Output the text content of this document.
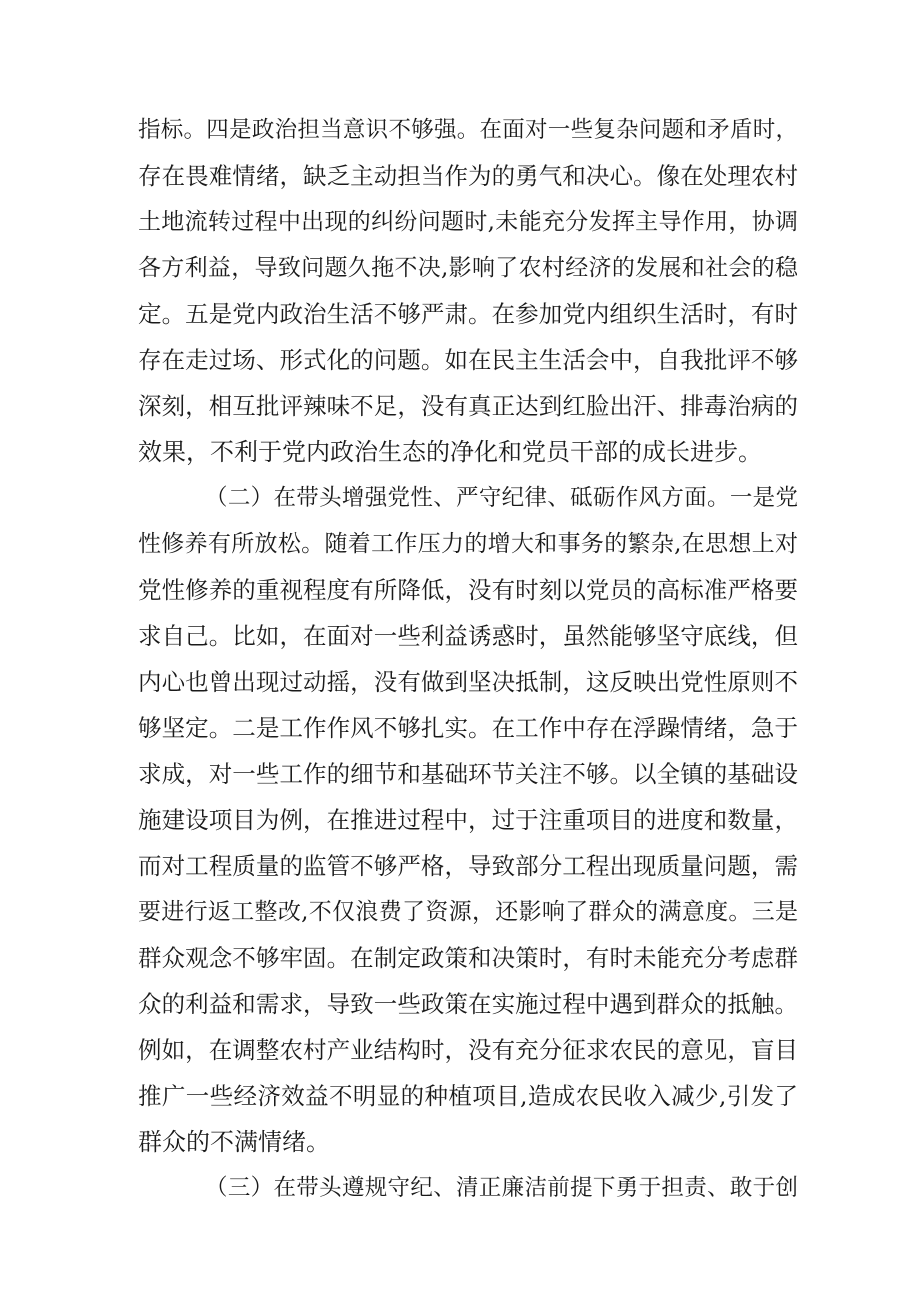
指标。四是政治担当意识不够强。在面对一些复杂问题和矛盾时，
存在畏难情绪，缺乏主动担当作为的勇气和决心。像在处理农村
土地流转过程中出现的纠纷问题时,未能充分发挥主导作用，协调
各方利益，导致问题久拖不决,影响了农村经济的发展和社会的稳
定。五是党内政治生活不够严肃。在参加党内组织生活时，有时
存在走过场、形式化的问题。如在民主生活会中，自我批评不够
深刻，相互批评辣味不足，没有真正达到红脸出汗、排毒治病的
效果，不利于党内政治生态的净化和党员干部的成长进步。
（二）在带头增强党性、严守纪律、砥砺作风方面。一是党
性修养有所放松。随着工作压力的增大和事务的繁杂,在思想上对
党性修养的重视程度有所降低，没有时刻以党员的高标准严格要
求自己。比如，在面对一些利益诱惑时，虽然能够坚守底线，但
内心也曾出现过动摇，没有做到坚决抵制，这反映出党性原则不
够坚定。二是工作作风不够扎实。在工作中存在浮躁情绪，急于
求成，对一些工作的细节和基础环节关注不够。以全镇的基础设
施建设项目为例，在推进过程中，过于注重项目的进度和数量，
而对工程质量的监管不够严格，导致部分工程出现质量问题，需
要进行返工整改,不仅浪费了资源，还影响了群众的满意度。三是
群众观念不够牢固。在制定政策和决策时，有时未能充分考虑群
众的利益和需求，导致一些政策在实施过程中遇到群众的抵触。
例如，在调整农村产业结构时，没有充分征求农民的意见，盲目
推广一些经济效益不明显的种植项目,造成农民收入减少,引发了
群众的不满情绪。
（三）在带头遵规守纪、清正廉洁前提下勇于担责、敢于创
